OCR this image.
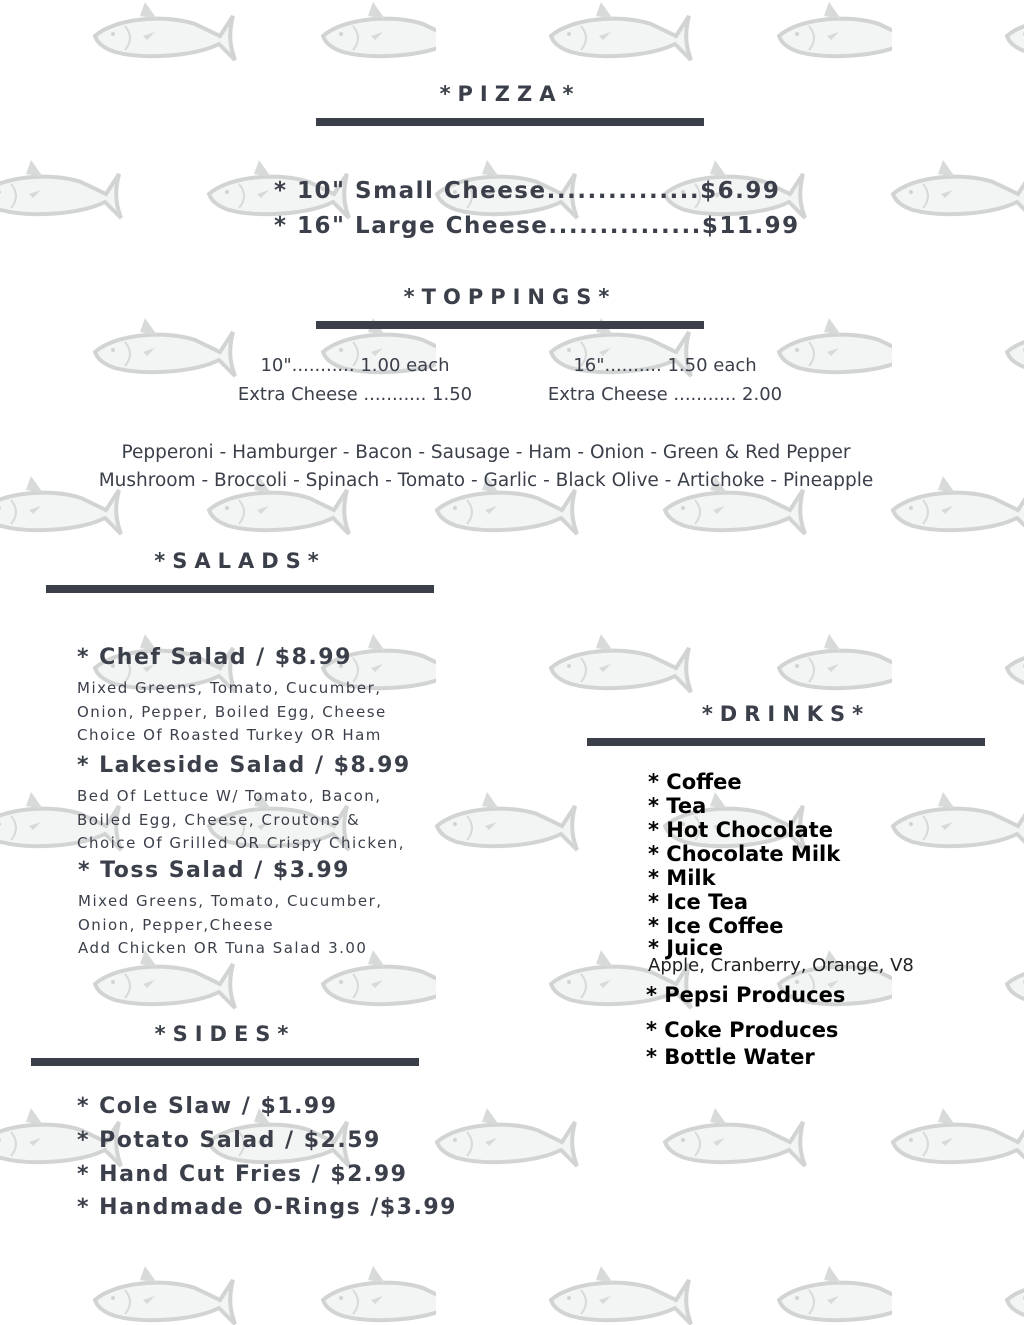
*PIZZA*
* 10" Small Cheese...............$6.99
* 16" Large Cheese...............$11.99
*TOPPINGS*
10"........... 1.00 each
Extra Cheese ........... 1.50
16".......... 1.50 each
Extra Cheese ........... 2.00
Pepperoni - Hamburger - Bacon - Sausage - Ham - Onion - Green & Red Pepper
Mushroom - Broccoli - Spinach - Tomato - Garlic - Black Olive - Artichoke - Pineapple
*SALADS*
* Chef Salad / $8.99
Mixed Greens, Tomato, Cucumber,
Onion, Pepper, Boiled Egg, Cheese
Choice Of Roasted Turkey OR Ham
* Lakeside Salad / $8.99
Bed Of Lettuce W/ Tomato, Bacon,
Boiled Egg, Cheese, Croutons &
Choice Of Grilled OR Crispy Chicken,
* Toss Salad / $3.99
Mixed Greens, Tomato, Cucumber,
Onion, Pepper,Cheese
Add Chicken OR Tuna Salad 3.00
*SIDES*
* Cole Slaw / $1.99
* Potato Salad / $2.59
* Hand Cut Fries / $2.99
* Handmade O-Rings /$3.99
*DRINKS*
* Coffee
* Tea
* Hot Chocolate
* Chocolate Milk
* Milk
* Ice Tea
* Ice Coffee
* Juice
Apple, Cranberry, Orange, V8
* Pepsi Produces
* Coke Produces
* Bottle Water
